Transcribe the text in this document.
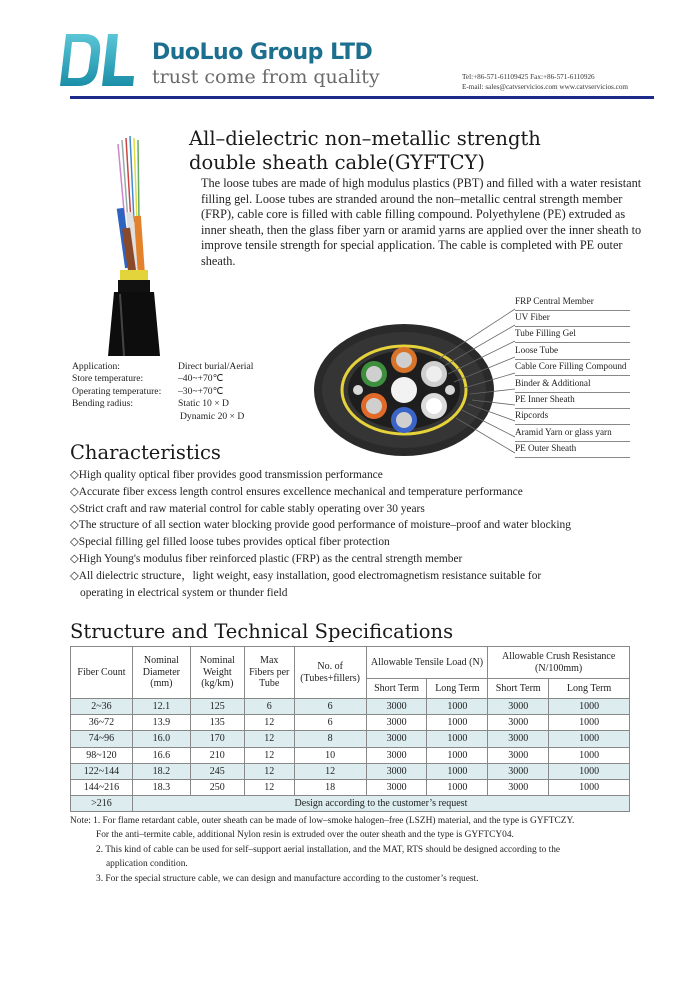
DuoLuo Group LTD
trust come from quality	Tel:+86-571-61109425 Fax:+86-571-6110926
E-mail: sales@catvservicios.com www.catvservicios.com
All–dielectric non–metallic strength
double sheath cable(GYFTCY)
The loose tubes are made of high modulus plastics (PBT) and filled with a water resistant filling gel. Loose tubes are stranded around the non–metallic central strength member (FRP), cable core is filled with cable filling compound. Polyethylene (PE) extruded as inner sheath, then the glass fiber yarn or aramid yarns are applied over the inner sheath to improve tensile strength for special application. The cable is completed with PE outer sheath.
Application:	Direct burial/Aerial
Store temperature:	–40~+70℃
Operating temperature:	–30~+70℃
Bending radius:	Static 10 × D
Dynamic 20 × D
FRP Central Member
UV Fiber
Tube Filling Gel
Loose Tube
Cable Core Filling Compound
Binder & Additional
PE Inner Sheath
Ripcords
Aramid Yarn or glass yarn
PE Outer Sheath
Characteristics
◇High quality optical fiber provides good transmission performance
◇Accurate fiber excess length control ensures excellence mechanical and temperature performance
◇Strict craft and raw material control for cable stably operating over 30 years
◇The structure of all section water blocking provide good performance of moisture–proof and water blocking
◇Special filling gel filled loose tubes provides optical fiber protection
◇High Young's modulus fiber reinforced plastic (FRP) as the central strength member
◇All dielectric structure，light weight, easy installation, good electromagnetism resistance suitable for
operating in electrical system or thunder field
Structure and Technical Specifications
Fiber Count	Nominal Diameter (mm)	Nominal Weight (kg/km)	Max Fibers per Tube	No. of (Tubes+fillers)	Allowable Tensile Load (N)		Allowable Crush Resistance (N/100mm)	
					Short Term	Long Term	Short Term	Long Term
2~36	12.1	125	6	6	3000	1000	3000	1000
36~72	13.9	135	12	6	3000	1000	3000	1000
74~96	16.0	170	12	8	3000	1000	3000	1000
98~120	16.6	210	12	10	3000	1000	3000	1000
122~144	18.2	245	12	12	3000	1000	3000	1000
144~216	18.3	250	12	18	3000	1000	3000	1000
>216	Design according to the customer’s request							
Note: 1. For flame retardant cable, outer sheath can be made of low–smoke halogen–free (LSZH) material, and the type is GYFTCZY.
For the anti–termite cable, additional Nylon resin is extruded over the outer sheath and the type is GYFTCY04.
2. This kind of cable can be used for self–support aerial installation, and the MAT, RTS should be designed according to the
application condition.
3. For the special structure cable, we can design and manufacture according to the customer’s request.
